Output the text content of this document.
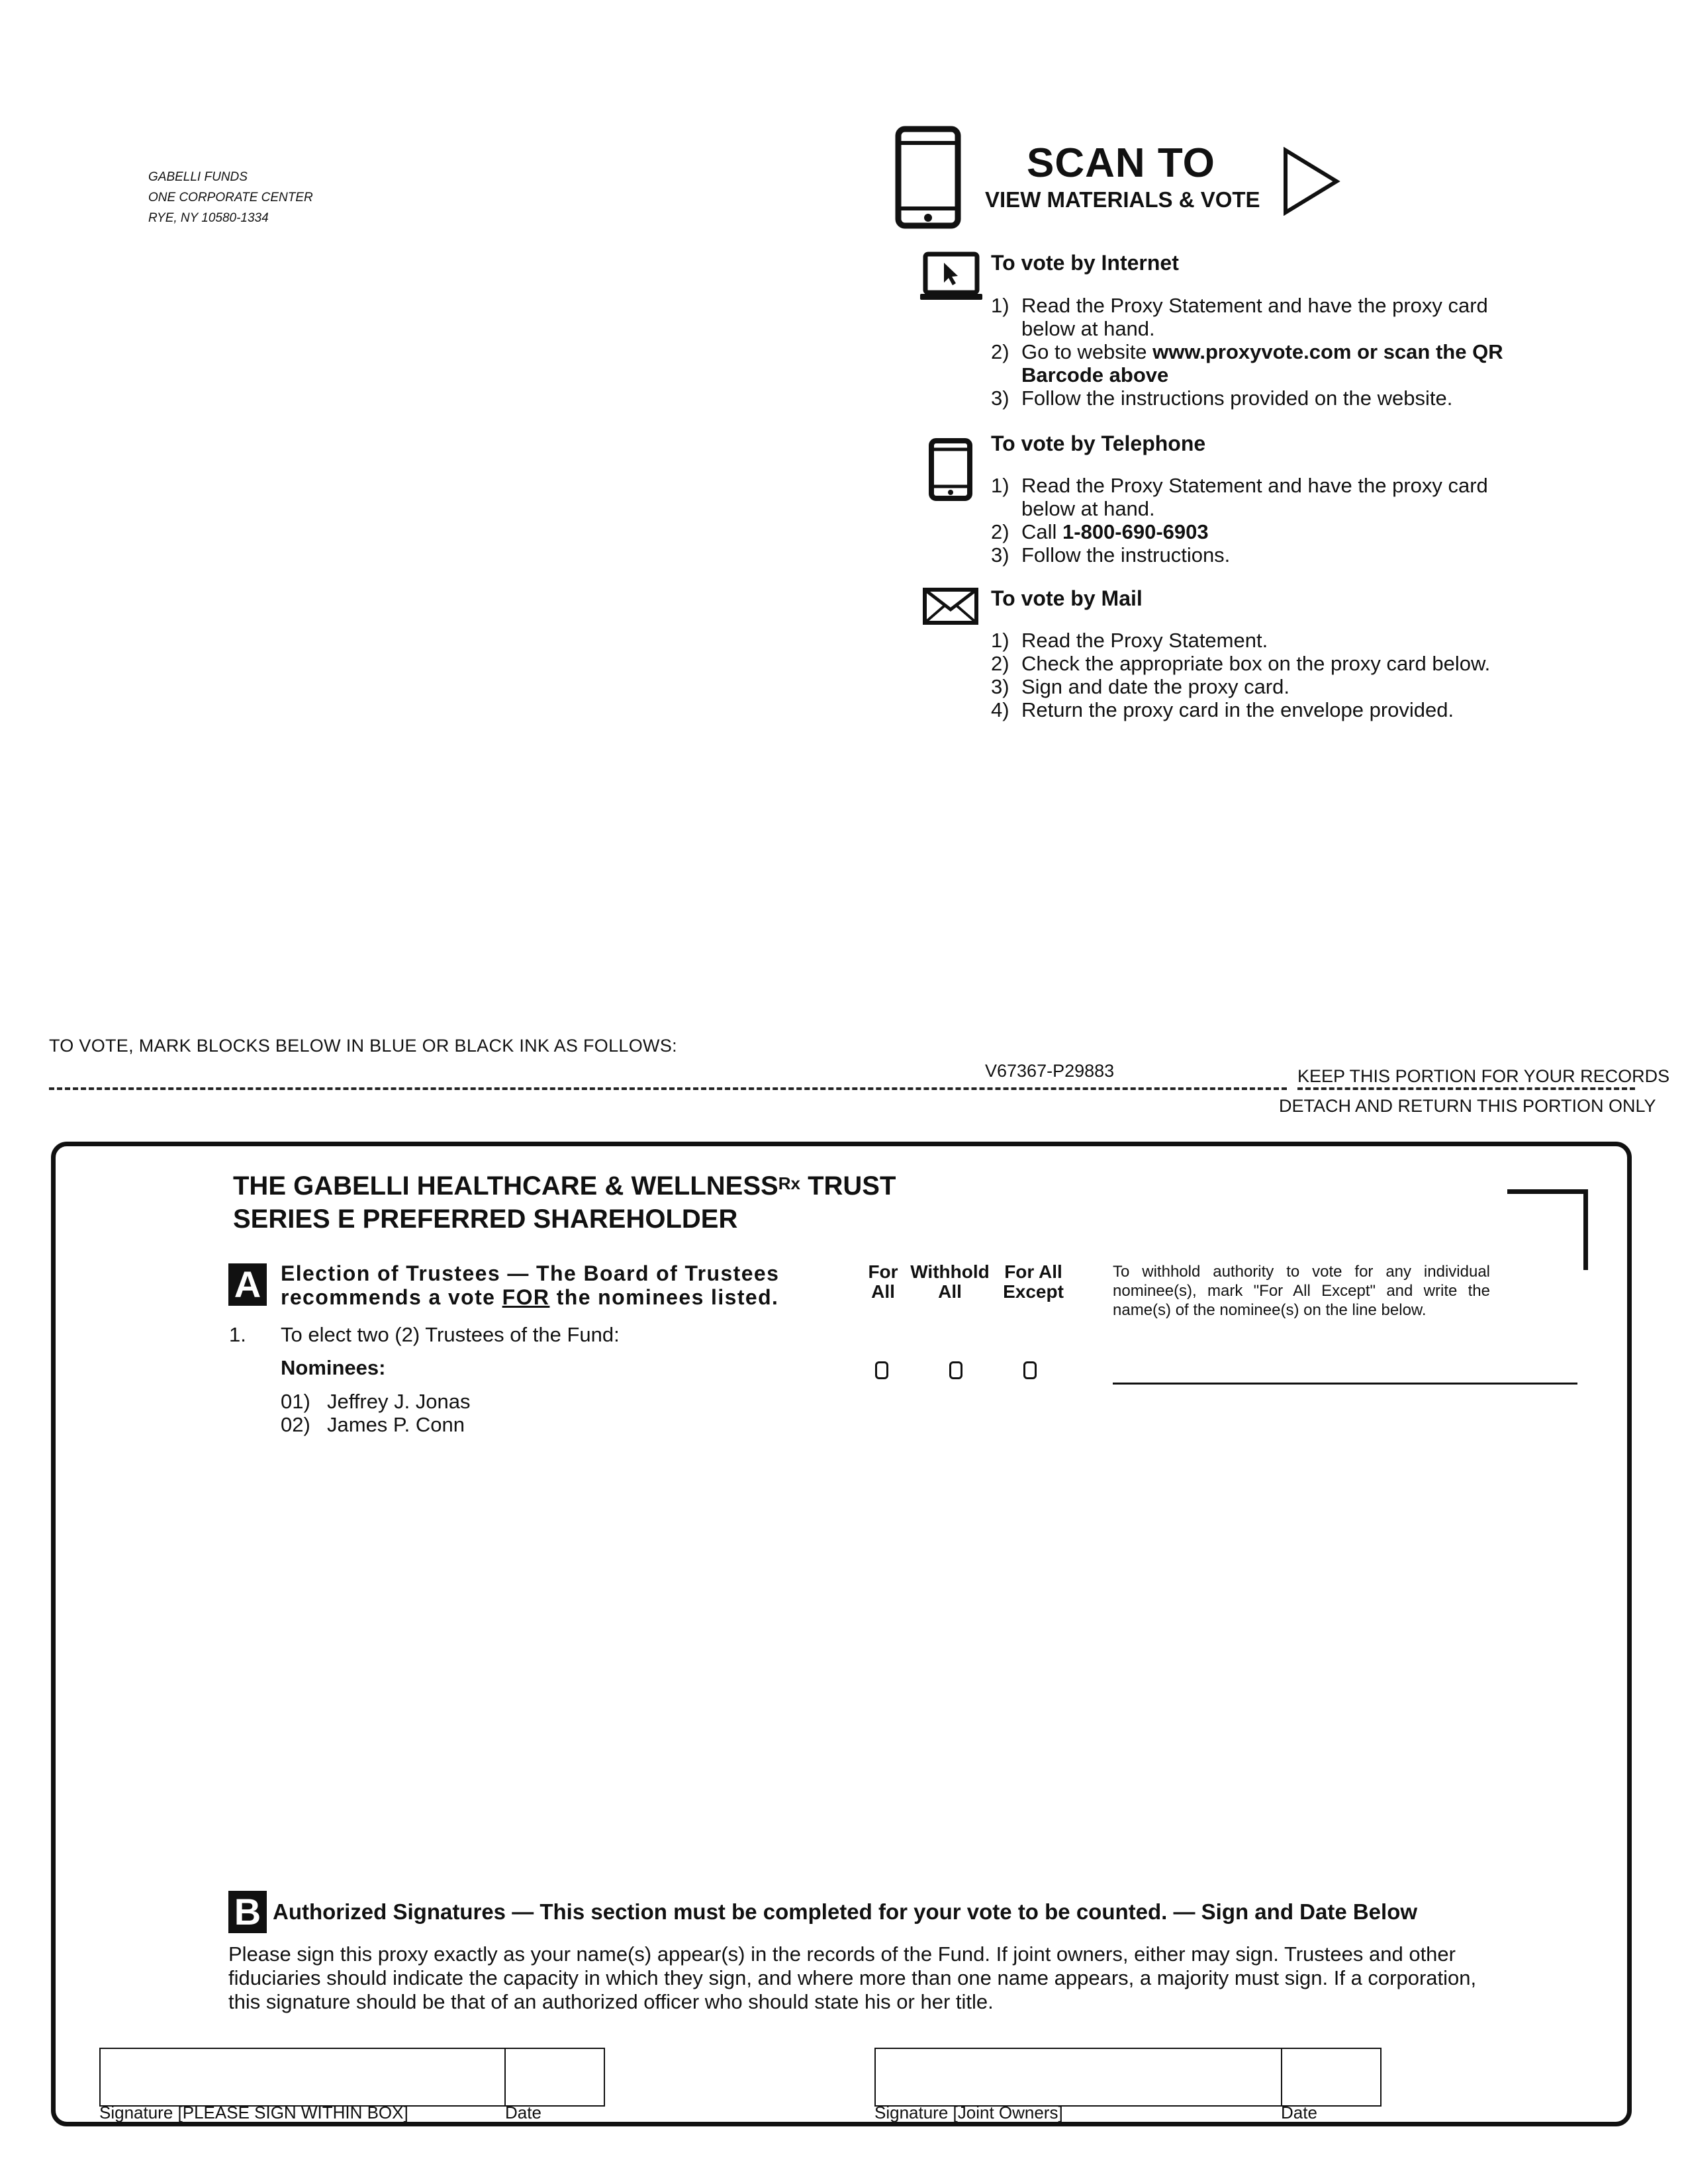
GABELLI FUNDS
ONE CORPORATE CENTER
RYE, NY 10580-1334
SCAN TO
VIEW MATERIALS & VOTE
To vote by Internet
1) Read the Proxy Statement and have the proxy card below at hand.
2) Go to website www.proxyvote.com or scan the QR Barcode above
3) Follow the instructions provided on the website.
To vote by Telephone
1) Read the Proxy Statement and have the proxy card below at hand.
2) Call 1-800-690-6903
3) Follow the instructions.
To vote by Mail
1) Read the Proxy Statement.
2) Check the appropriate box on the proxy card below.
3) Sign and date the proxy card.
4) Return the proxy card in the envelope provided.
TO VOTE, MARK BLOCKS BELOW IN BLUE OR BLACK INK AS FOLLOWS:
V67367-P29883	KEEP THIS PORTION FOR YOUR RECORDS
DETACH AND RETURN THIS PORTION ONLY
THE GABELLI HEALTHCARE & $WELLNESS^{Rx}$ TRUST
SERIES E PREFERRED SHAREHOLDER
A Election of Trustees — The Board of Trustees
recommends a vote FOR the nominees listed.
For
All
Withhold
All
For All
Except
To withhold authority to vote for any individual nominee(s), mark "For All Except" and write the name(s) of the nominee(s) on the line below.
1. To elect two (2) Trustees of the Fund:
Nominees:
01) Jeffrey J. Jonas
02) James P. Conn
B Authorized Signatures — This section must be completed for your vote to be counted. — Sign and Date Below
Please sign this proxy exactly as your name(s) appear(s) in the records of the Fund. If joint owners, either may sign. Trustees and other fiduciaries should indicate the capacity in which they sign, and where more than one name appears, a majority must sign. If a corporation, this signature should be that of an authorized officer who should state his or her title.
Signature [PLEASE SIGN WITHIN BOX]	Date	Signature [Joint Owners]	Date
